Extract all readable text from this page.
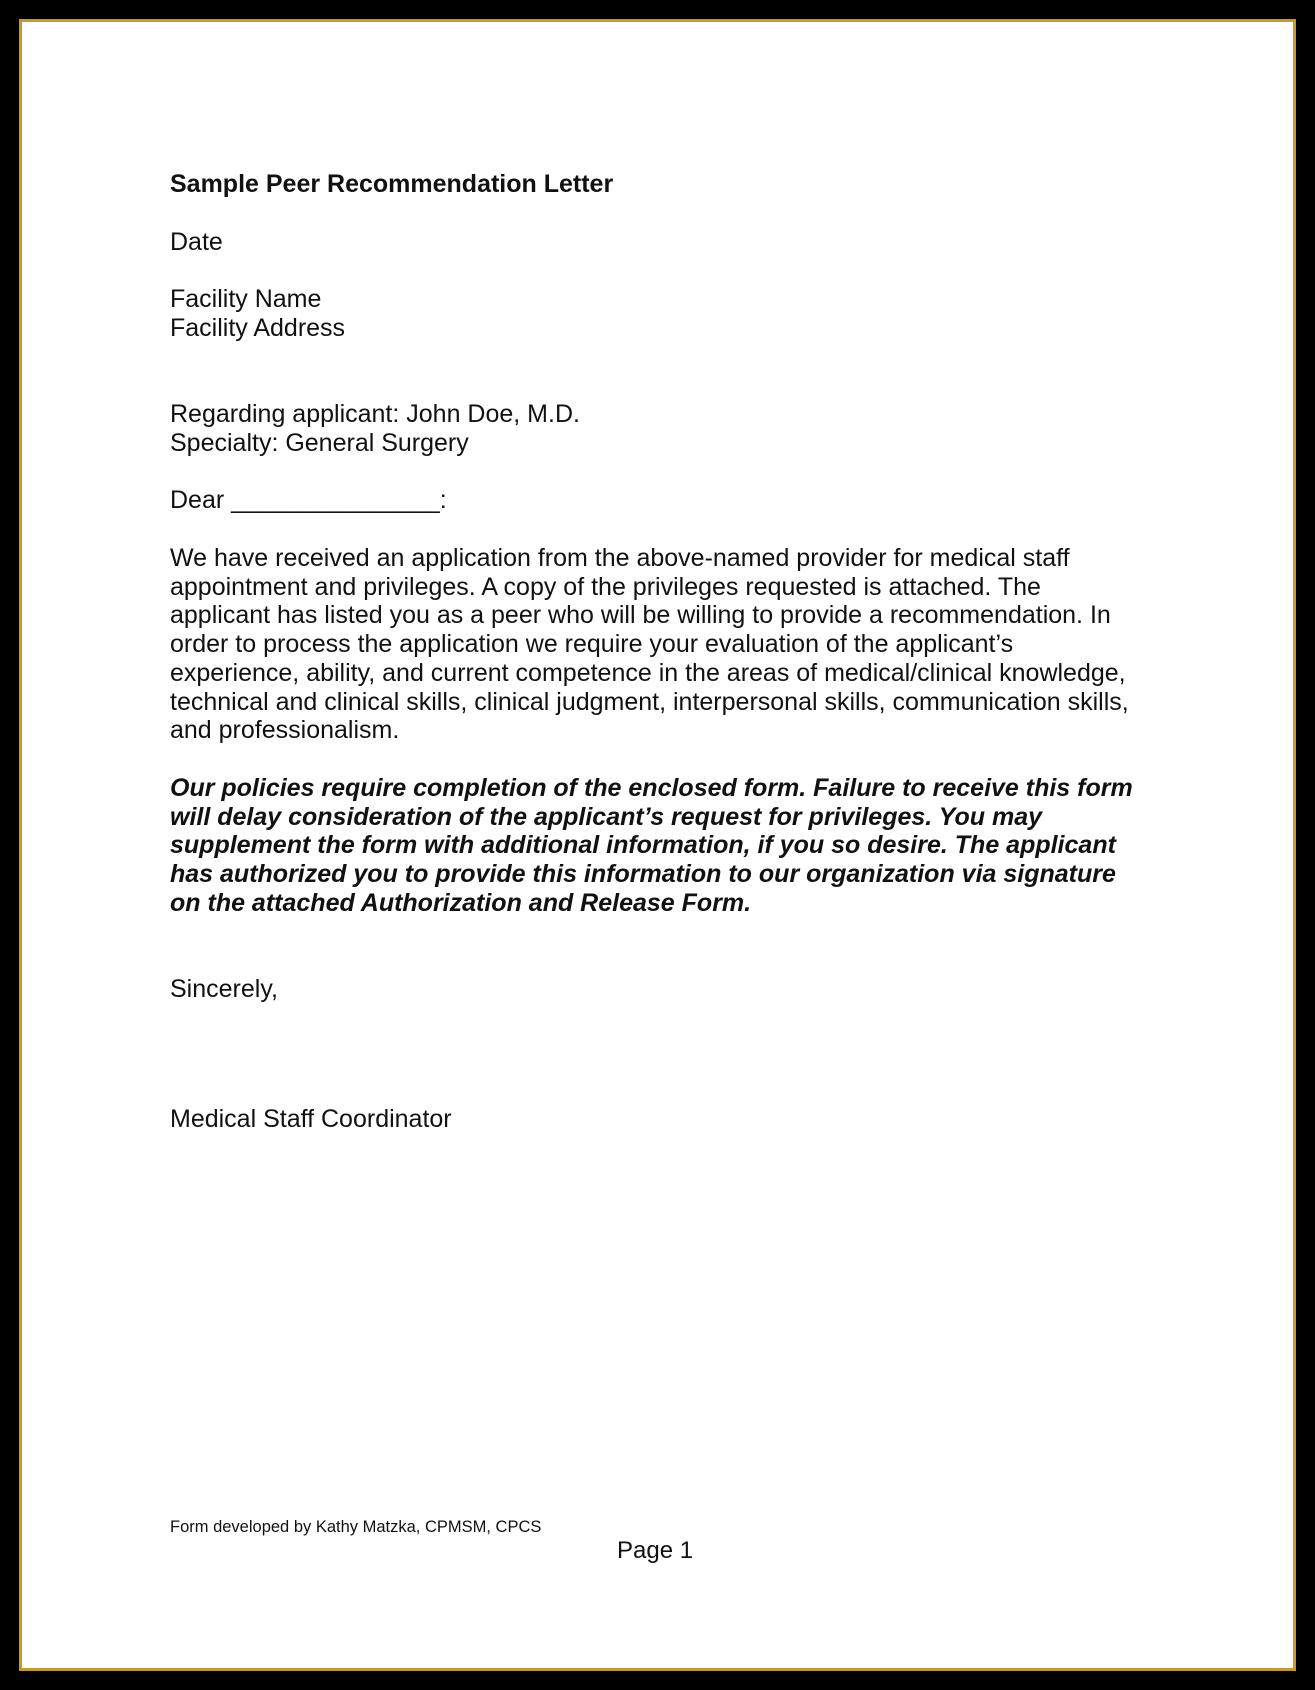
Sample Peer Recommendation Letter
Date
Facility Name
Facility Address
Regarding applicant: John Doe, M.D.
Specialty: General Surgery
Dear _______________:
We have received an application from the above-named provider for medical staff
appointment and privileges. A copy of the privileges requested is attached. The
applicant has listed you as a peer who will be willing to provide a recommendation. In
order to process the application we require your evaluation of the applicant’s
experience, ability, and current competence in the areas of medical/clinical knowledge,
technical and clinical skills, clinical judgment, interpersonal skills, communication skills,
and professionalism.
Our policies require completion of the enclosed form. Failure to receive this form
will delay consideration of the applicant’s request for privileges. You may
supplement the form with additional information, if you so desire. The applicant
has authorized you to provide this information to our organization via signature
on the attached Authorization and Release Form.
Sincerely,
Medical Staff Coordinator
Form developed by Kathy Matzka, CPMSM, CPCS
Page 1
